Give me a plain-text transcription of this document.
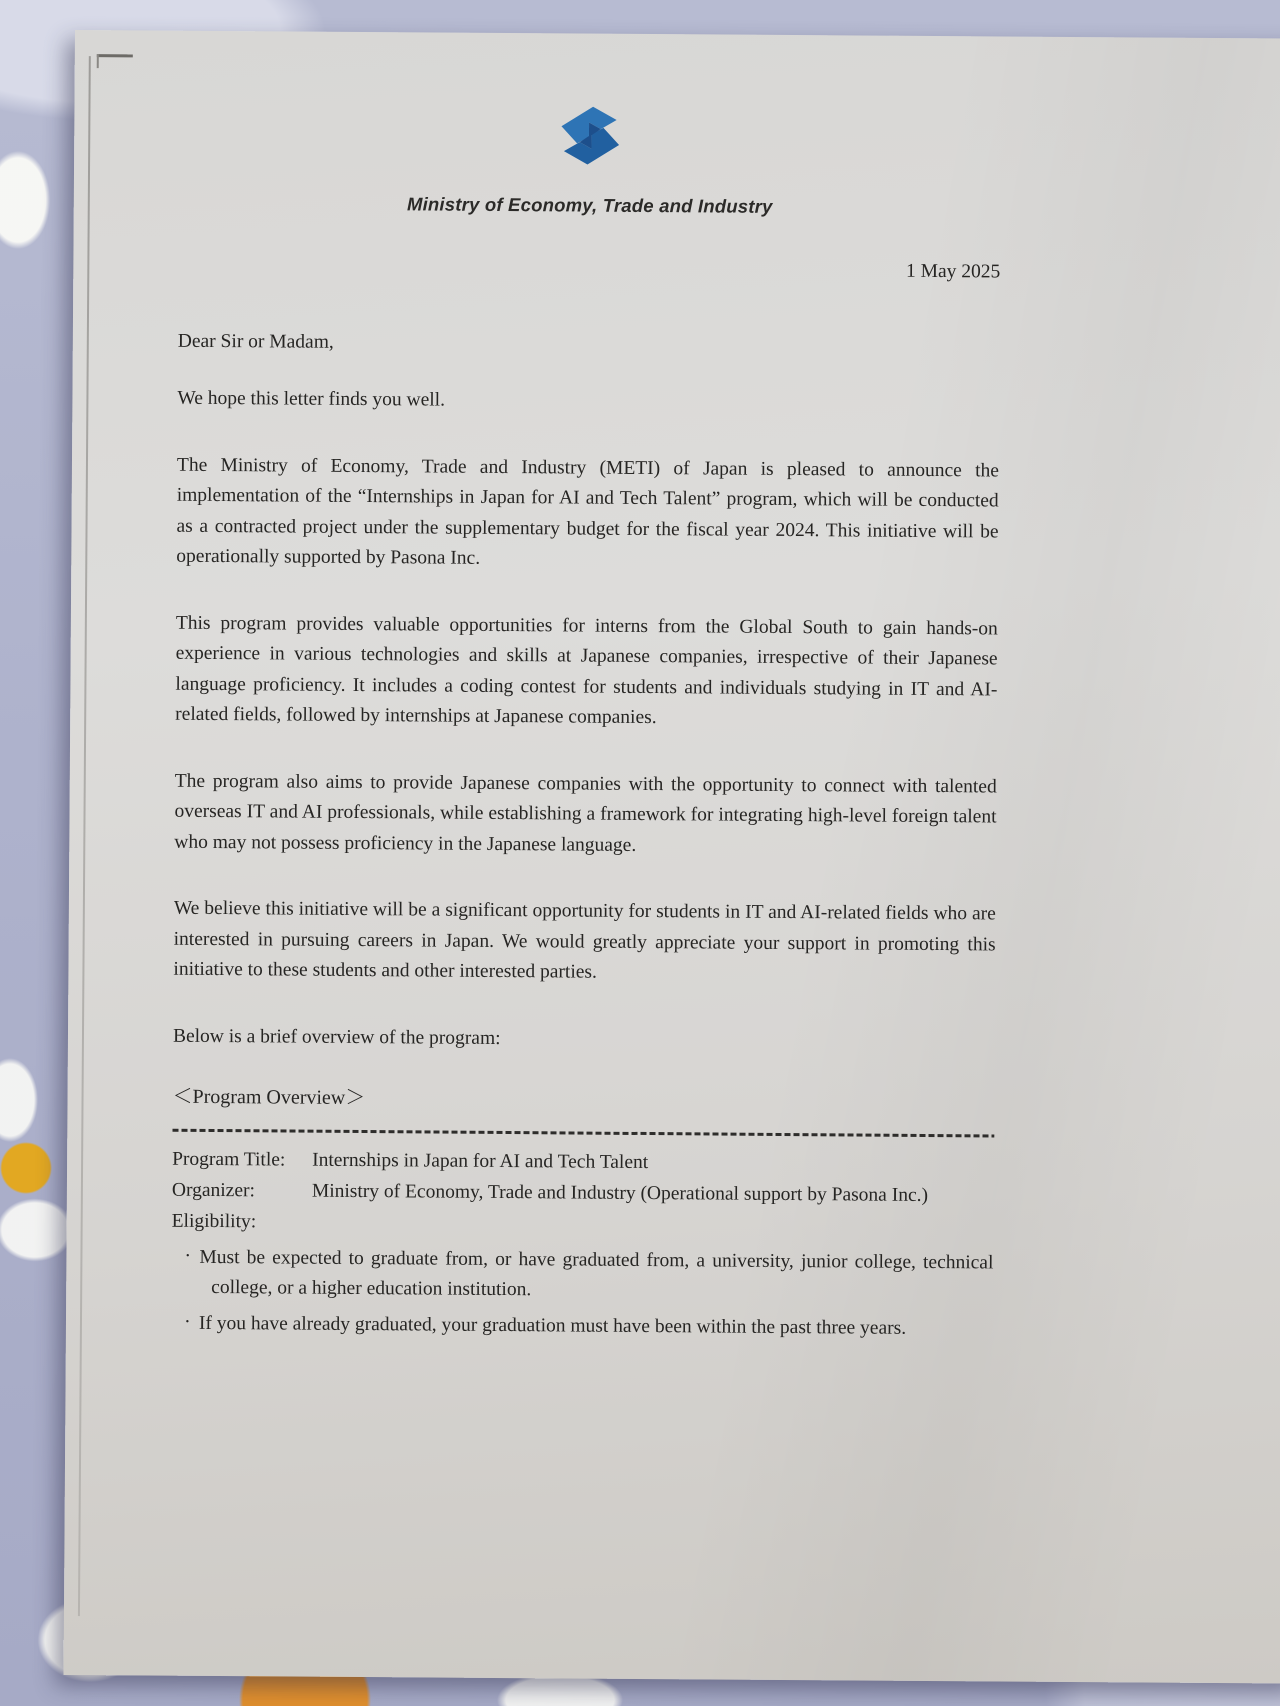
Ministry of Economy, Trade and Industry
1 May 2025
Dear Sir or Madam,
We hope this letter finds you well.
The Ministry of Economy, Trade and Industry (METI) of Japan is pleased to announce the implementation of the “Internships in Japan for AI and Tech Talent” program, which will be conducted as a contracted project under the supplementary budget for the fiscal year 2024. This initiative will be operationally supported by Pasona Inc.
This program provides valuable opportunities for interns from the Global South to gain hands-on experience in various technologies and skills at Japanese companies, irrespective of their Japanese language proficiency. It includes a coding contest for students and individuals studying in IT and AI-related fields, followed by internships at Japanese companies.
The program also aims to provide Japanese companies with the opportunity to connect with talented overseas IT and AI professionals, while establishing a framework for integrating high-level foreign talent who may not possess proficiency in the Japanese language.
We believe this initiative will be a significant opportunity for students in IT and AI-related fields who are interested in pursuing careers in Japan. We would greatly appreciate your support in promoting this initiative to these students and other interested parties.
Below is a brief overview of the program:
＜Program Overview＞
Program Title:	Internships in Japan for AI and Tech Talent
Organizer:	Ministry of Economy, Trade and Industry (Operational support by Pasona Inc.)
Eligibility:
· Must be expected to graduate from, or have graduated from, a university, junior college, technical college, or a higher education institution.
· If you have already graduated, your graduation must have been within the past three years.
